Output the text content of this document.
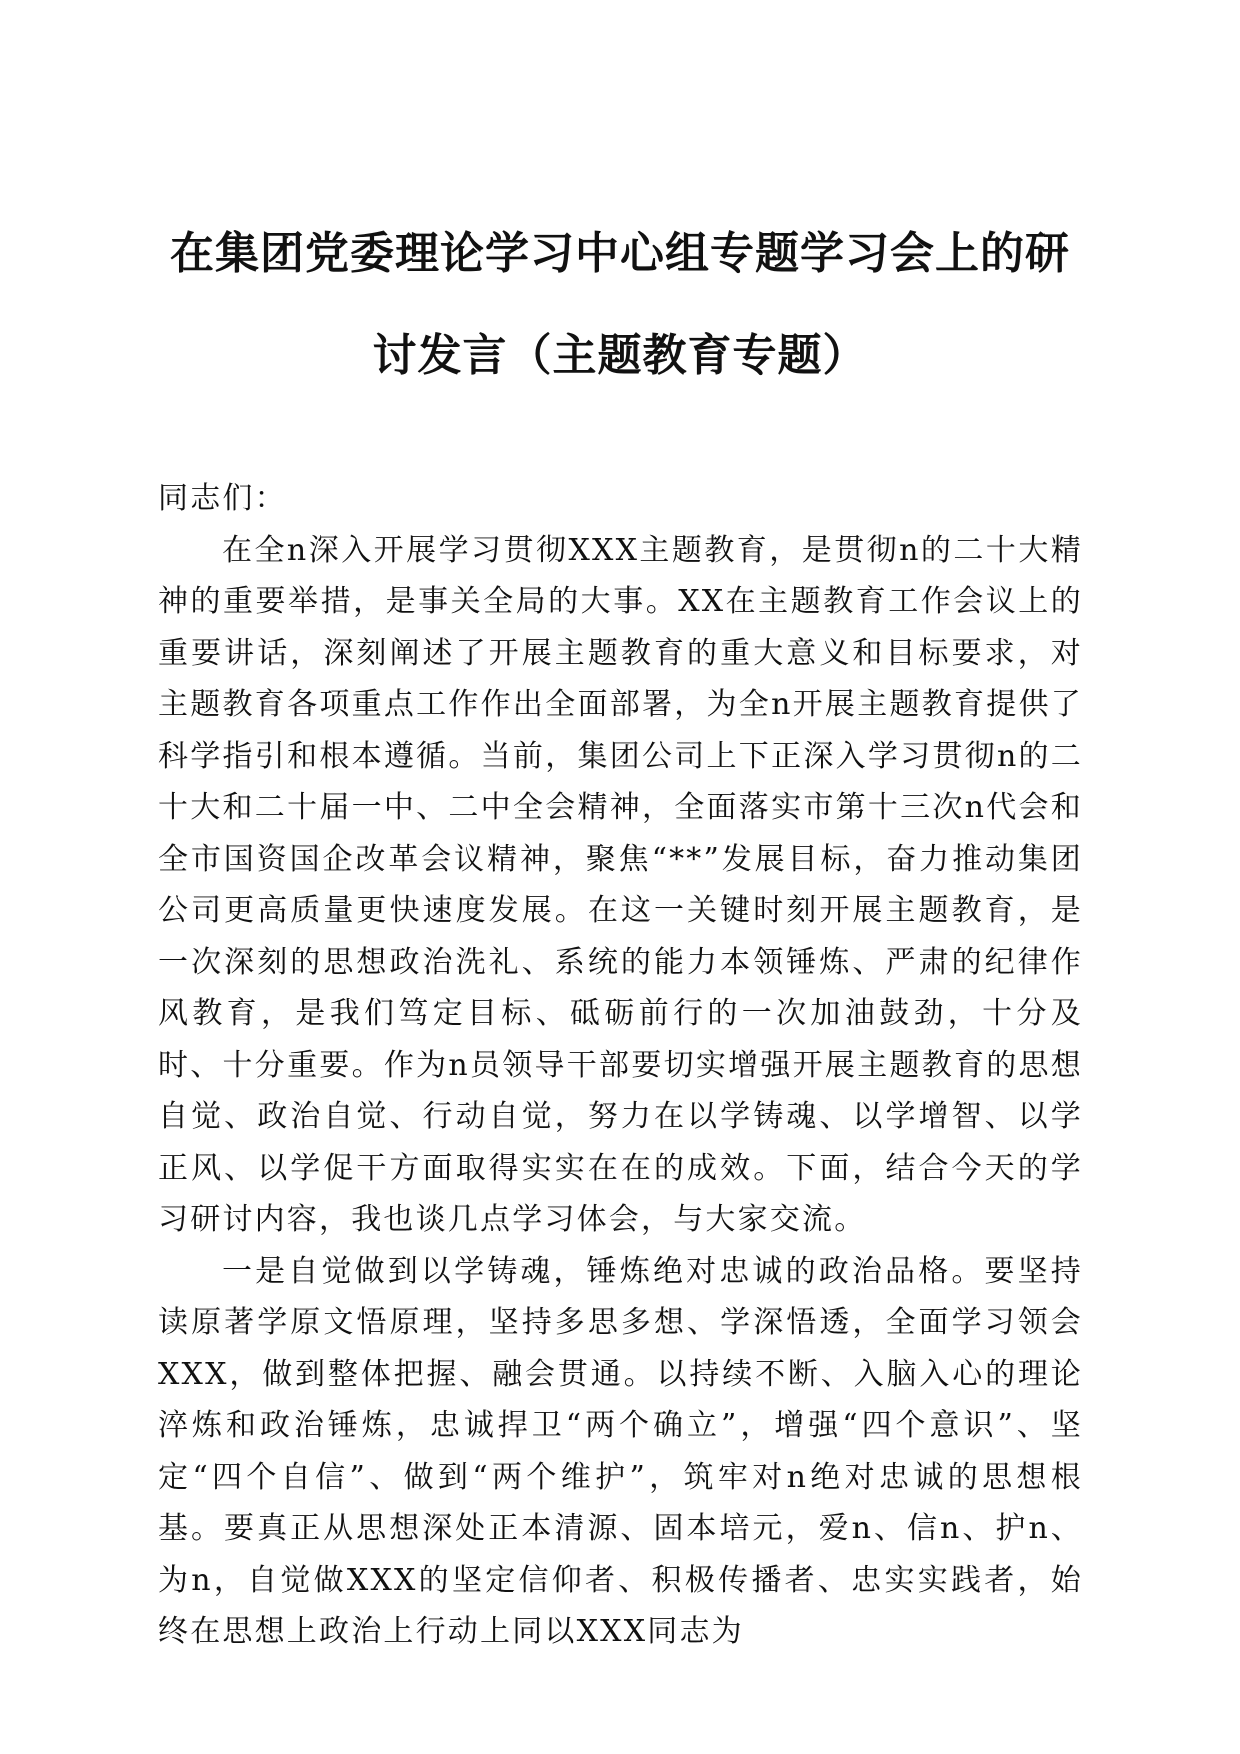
在集团党委理论学习中心组专题学习会上的研
讨发言（主题教育专题）

同志们：

在全n深入开展学习贯彻XXX主题教育，是贯彻n的二十大精神的重要举措，是事关全局的大事。XX在主题教育工作会议上的重要讲话，深刻阐述了开展主题教育的重大意义和目标要求，对主题教育各项重点工作作出全面部署，为全n开展主题教育提供了科学指引和根本遵循。当前，集团公司上下正深入学习贯彻n的二十大和二十届一中、二中全会精神，全面落实市第十三次n代会和全市国资国企改革会议精神，聚焦“**”发展目标，奋力推动集团公司更高质量更快速度发展。在这一关键时刻开展主题教育，是一次深刻的思想政治洗礼、系统的能力本领锤炼、严肃的纪律作风教育，是我们笃定目标、砥砺前行的一次加油鼓劲，十分及时、十分重要。作为n员领导干部要切实增强开展主题教育的思想自觉、政治自觉、行动自觉，努力在以学铸魂、以学增智、以学正风、以学促干方面取得实实在在的成效。下面，结合今天的学习研讨内容，我也谈几点学习体会，与大家交流。

一是自觉做到以学铸魂，锤炼绝对忠诚的政治品格。要坚持读原著学原文悟原理，坚持多思多想、学深悟透，全面学习领会XXX，做到整体把握、融会贯通。以持续不断、入脑入心的理论淬炼和政治锤炼，忠诚捍卫“两个确立”，增强“四个意识”、坚定“四个自信”、做到“两个维护”，筑牢对n绝对忠诚的思想根基。要真正从思想深处正本清源、固本培元，爱n、信n、护n、为n，自觉做XXX的坚定信仰者、积极传播者、忠实实践者，始终在思想上政治上行动上同以XXX同志为
